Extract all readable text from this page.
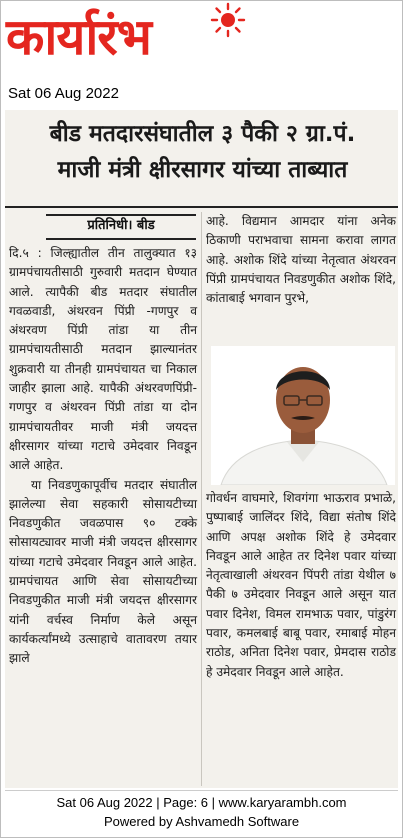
कार्यारंभ
Sat 06 Aug 2022
बीड मतदारसंघातील ३ पैकी २ ग्रा.पं.
माजी मंत्री क्षीरसागर यांच्या ताब्यात
प्रतिनिधी। बीड

दि.५ : जिल्ह्यातील तीन तालुक्यात १३ ग्रामपंचायतीसाठी गुरुवारी मतदान घेण्यात आले. त्यापैकी बीड मतदार संघातील गवळवाडी, अंथरवन पिंप्री -गणपुर व अंथरवण पिंप्री तांडा या तीन ग्रामपंचायतीसाठी मतदान झाल्यानंतर शुक्रवारी या तीनही ग्रामपंचायत चा निकाल जाहीर झाला आहे. यापैकी अंथरवणपिंप्री-गणपुर व अंथरवन पिंप्री तांडा या दोन ग्रामपंचायतीवर माजी मंत्री जयदत्त क्षीरसागर यांच्या गटाचे उमेदवार निवडून आले आहेत.

या निवडणुकापूर्वीच मतदार संघातील झालेल्या सेवा सहकारी सोसायटीच्या निवडणुकीत जवळपास ९० टक्के सोसायट्यावर माजी मंत्री जयदत्त क्षीरसागर यांच्या गटाचे उमेदवार निवडून आले आहेत. ग्रामपंचायत आणि सेवा सोसायटीच्या निवडणुकीत माजी मंत्री जयदत्त क्षीरसागर यांनी वर्चस्व निर्माण केले असून कार्यकर्त्यांमध्ये उत्साहाचे वातावरण तयार झाले

आहे. विद्यमान आमदार यांना अनेक ठिकाणी पराभवाचा सामना करावा लागत आहे. अशोक शिंदे यांच्या नेतृत्वात अंथरवन पिंप्री ग्रामपंचायत निवडणुकीत अशोक शिंदे, कांताबाई भगवान पुरभे,

गोवर्धन वाघमारे, शिवगंगा भाऊराव प्रभाळे, पुष्पाबाई जालिंदर शिंदे, विद्या संतोष शिंदे आणि अपक्ष अशोक शिंदे हे उमेदवार निवडून आले आहेत तर दिनेश पवार यांच्या नेतृत्वाखाली अंथरवन पिंपरी तांडा येथील ७ पैकी ७ उमेदवार निवडून आले असून यात पवार दिनेश, विमल रामभाऊ पवार, पांडुरंग पवार, कमलबाई बाबू पवार, रमाबाई मोहन राठोड, अनिता दिनेश पवार, प्रेमदास राठोड हे उमेदवार निवडून आले आहेत.

Sat 06 Aug 2022 | Page: 6 | www.karyarambh.com
Powered by Ashvamedh Software
